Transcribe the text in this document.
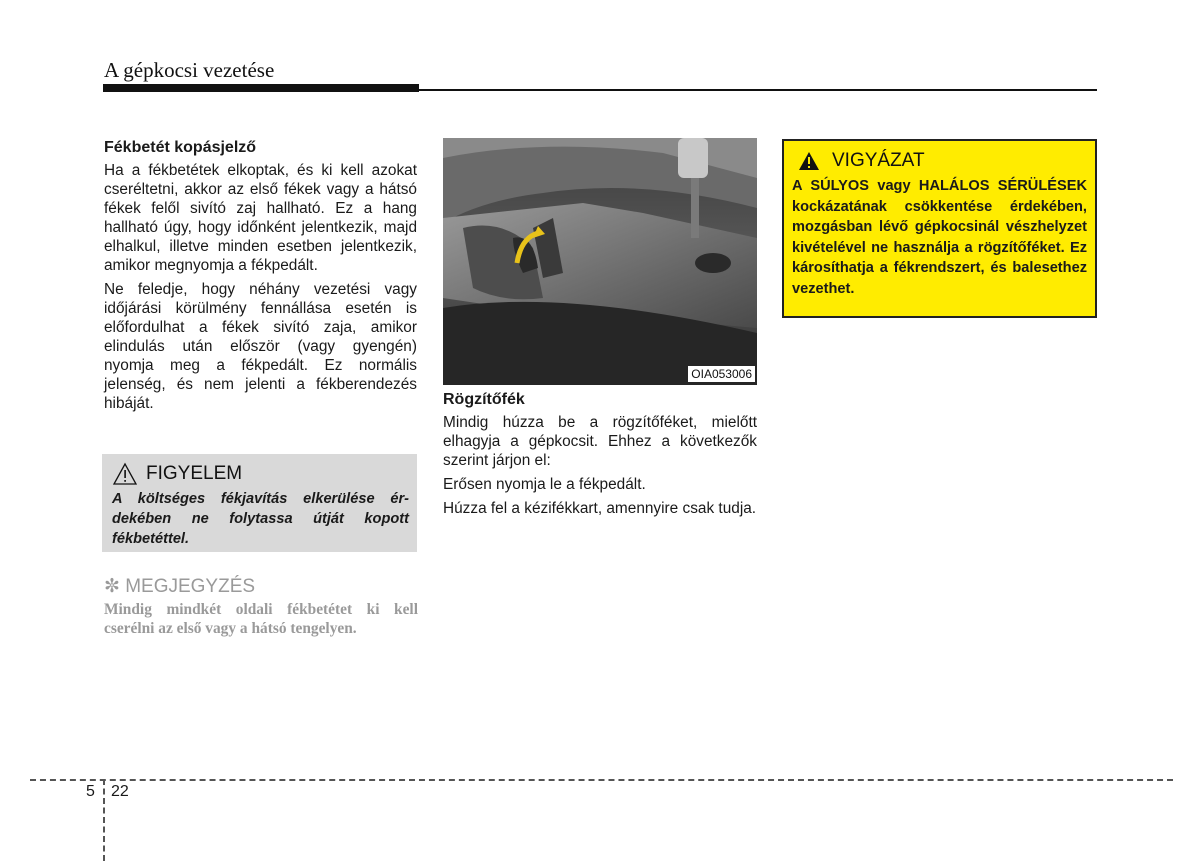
A gépkocsi vezetése
Fékbetét kopásjelző

Ha a fékbetétek elkoptak, és ki kell azokat cseréltetni, akkor az első fékek vagy a hátsó fékek felől sivító zaj hallható. Ez a hang hallható úgy, hogy időnként jelentkezik, majd elhalkul, illetve minden esetben jelentkezik, amikor megnyomja a fékpedált.

Ne feledje, hogy néhány vezetési vagy időjárási körülmény fennállása esetén is előfordulhat a fékek sivító zaja, amikor elindulás után először (vagy gyengén) nyomja meg a fékpedált. Ez normális jelenség, és nem jelenti a fékberendezés hibáját.

FIGYELEM
A költséges fékjavítás elkerülése érdekében ne folytassa útját kopott fékbetéttel.
✼ MEGJEGYZÉS
Mindig mindkét oldali fékbetétet ki kell cserélni az első vagy a hátsó tengelyen.
OIA053006
Rögzítőfék

Mindig húzza be a rögzítőféket, mielőtt elhagyja a gépkocsit. Ehhez a következők szerint járjon el:

Erősen nyomja le a fékpedált.

Húzza fel a kézifékkart, amennyire csak tudja.

VIGYÁZAT
A SÚLYOS vagy HALÁLOS SÉRÜLÉSEK kockázatának csökkentése érdekében, mozgásban lévő gépkocsinál vészhelyzet kivételével ne használja a rögzítőféket. Ez károsíthatja a fékrendszert, és balesethez vezethet.
5 22
